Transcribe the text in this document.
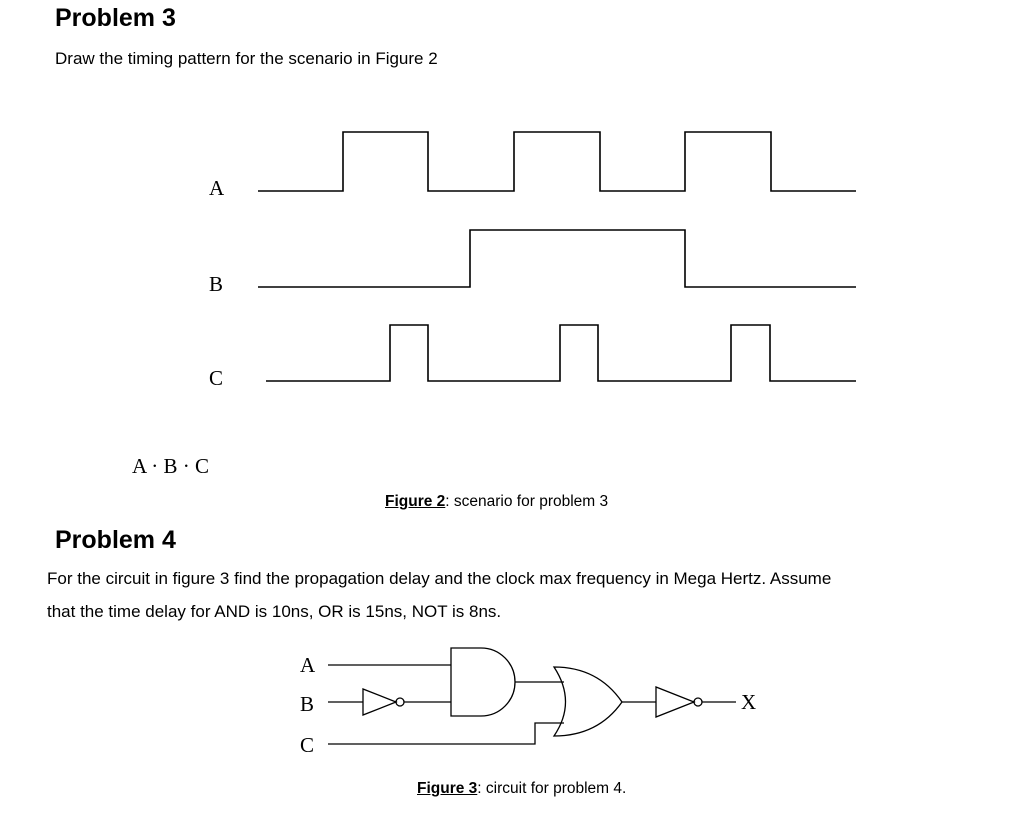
Problem 3
Draw the timing pattern for the scenario in Figure 2
A
B
C
A · B · C
Figure 2: scenario for problem 3
Problem 4
For the circuit in figure 3 find the propagation delay and the clock max frequency in Mega Hertz. Assume
that the time delay for AND is 10ns, OR is 15ns, NOT is 8ns.
A
B
C
X
Figure 3: circuit for problem 4.
